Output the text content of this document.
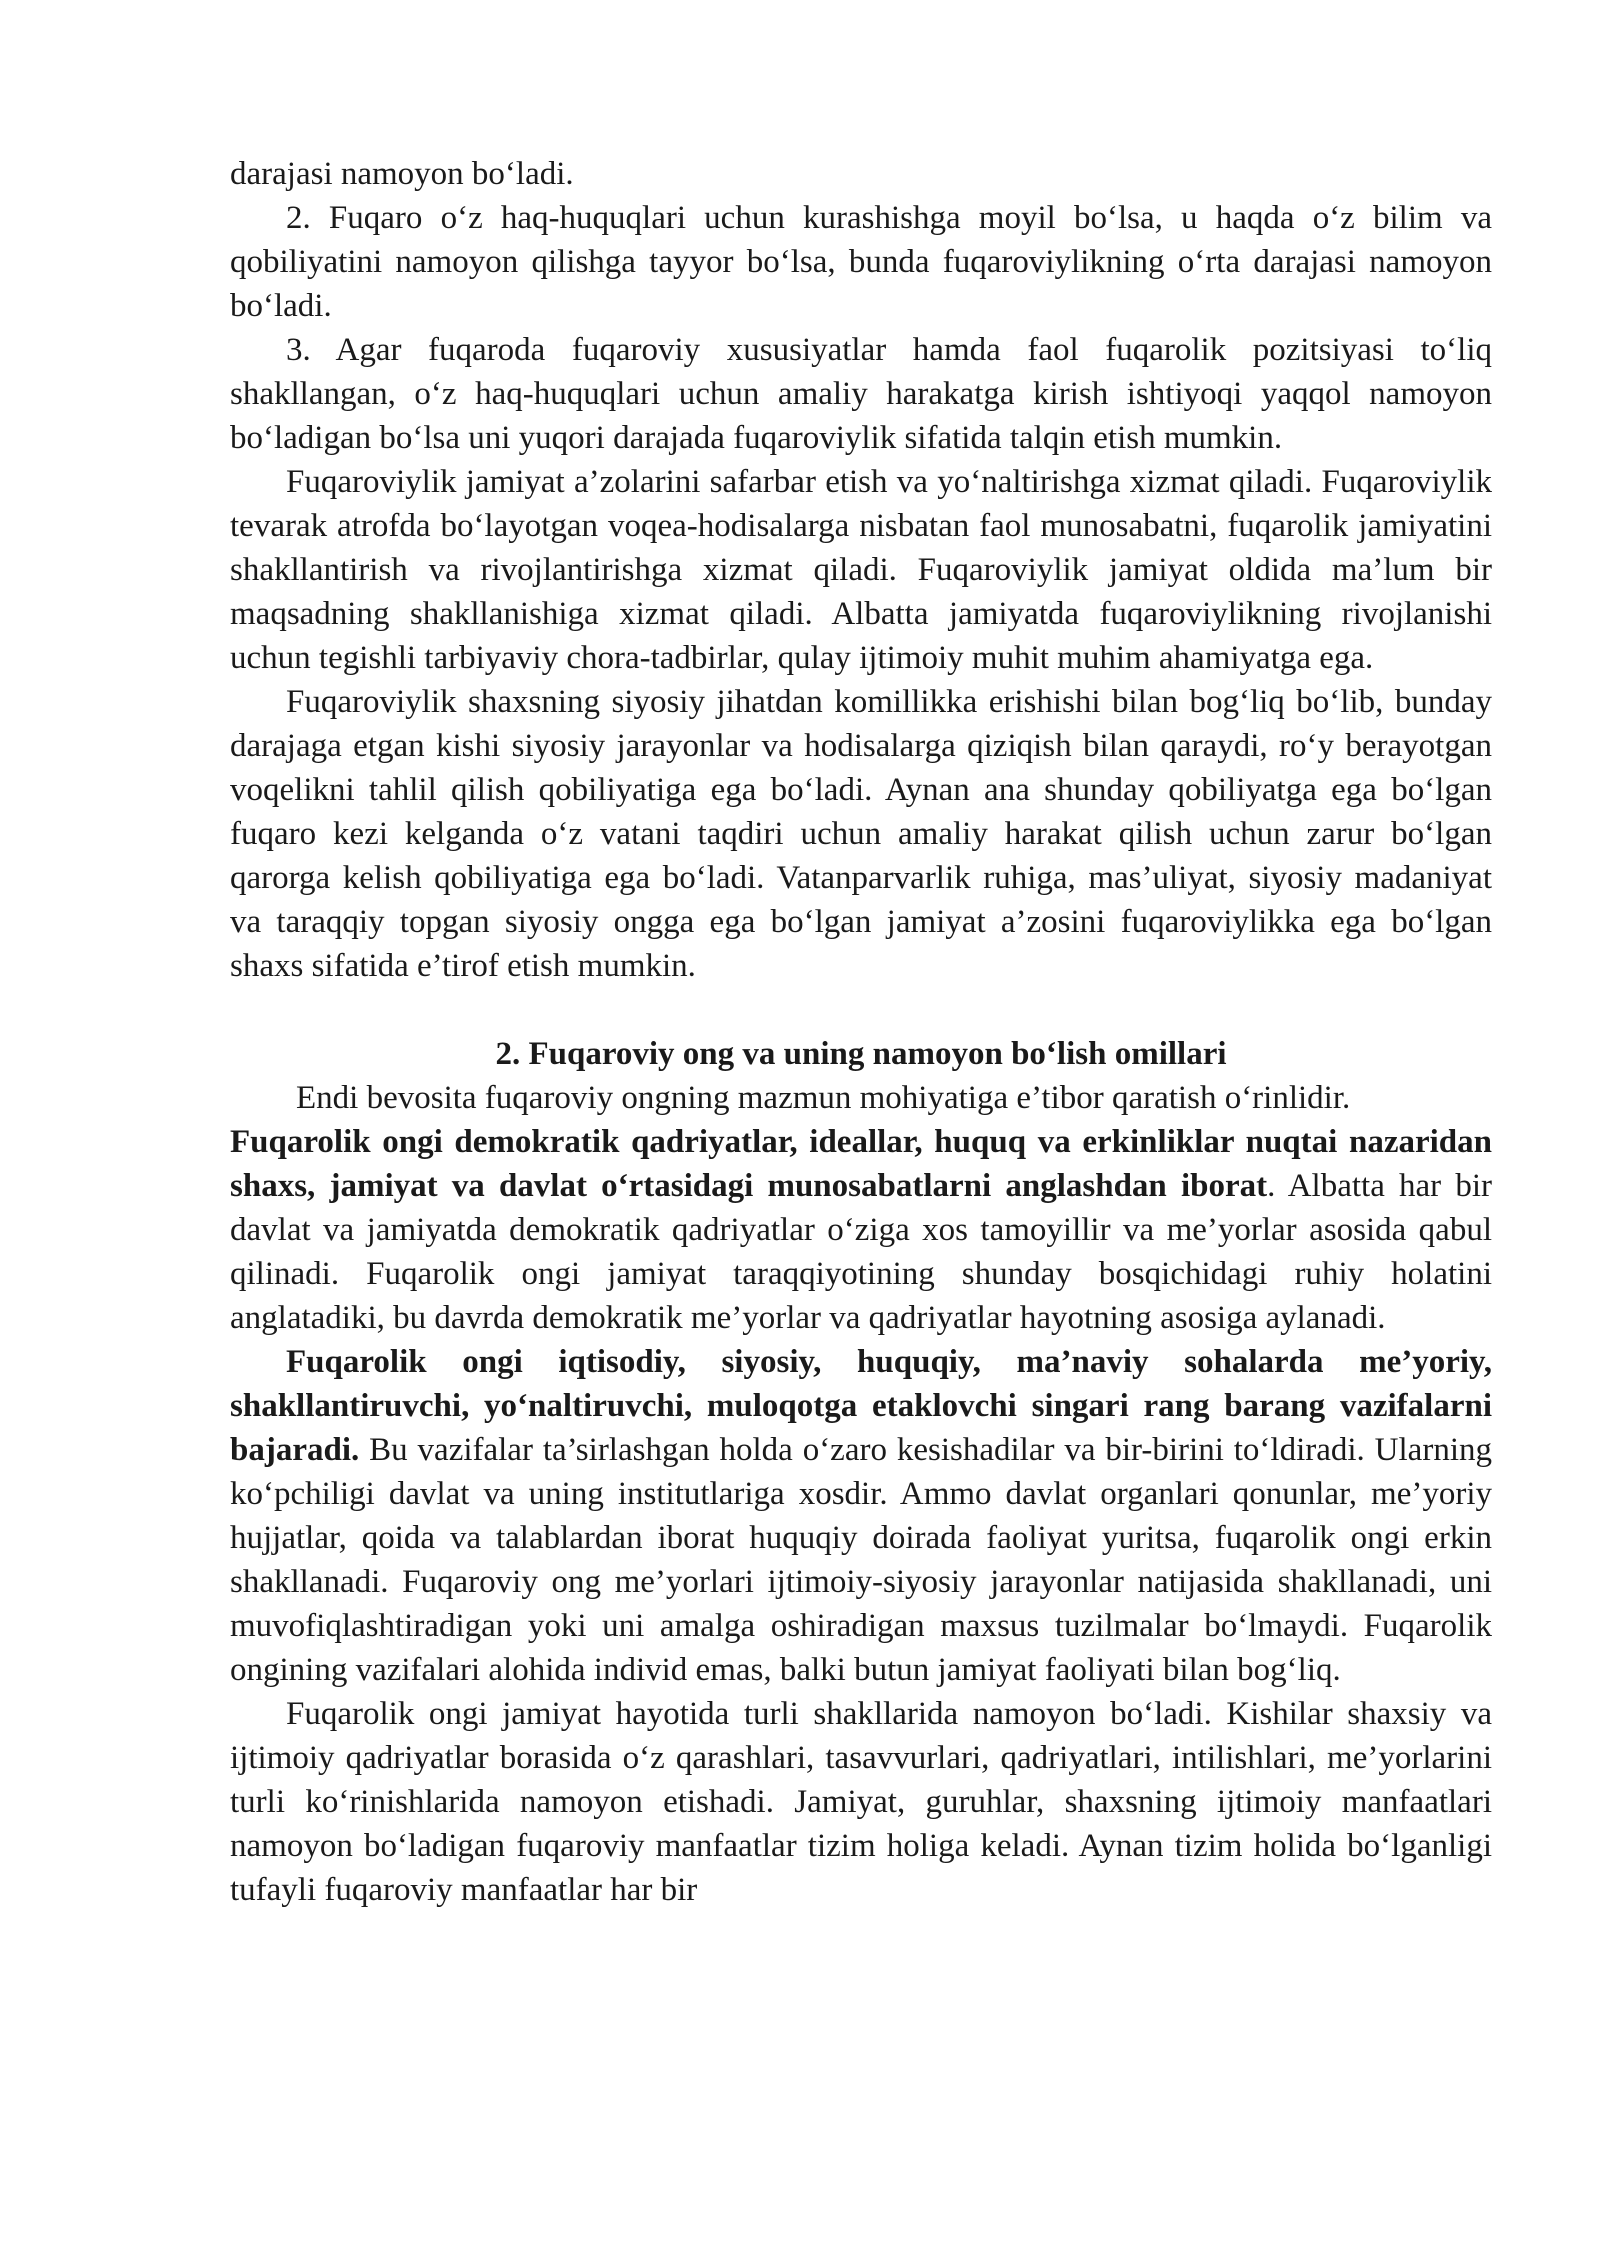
darajasi namoyon bo‘ladi.

2. Fuqaro o‘z haq-huquqlari uchun kurashishga moyil bo‘lsa, u haqda o‘z bilim va qobiliyatini namoyon qilishga tayyor bo‘lsa, bunda fuqaroviylikning o‘rta darajasi namoyon bo‘ladi.

3. Agar fuqaroda fuqaroviy xususiyatlar hamda faol fuqarolik pozitsiyasi to‘liq shakllangan, o‘z haq-huquqlari uchun amaliy harakatga kirish ishtiyoqi yaqqol namoyon bo‘ladigan bo‘lsa uni yuqori darajada fuqaroviylik sifatida talqin etish mumkin.

Fuqaroviylik jamiyat a’zolarini safarbar etish va yo‘naltirishga xizmat qiladi. Fuqaroviylik tevarak atrofda bo‘layotgan voqea-hodisalarga nisbatan faol munosabatni, fuqarolik jamiyatini shakllantirish va rivojlantirishga xizmat qiladi. Fuqaroviylik jamiyat oldida ma’lum bir maqsadning shakllanishiga xizmat qiladi. Albatta jamiyatda fuqaroviylikning rivojlanishi uchun tegishli tarbiyaviy chora-tadbirlar, qulay ijtimoiy muhit muhim ahamiyatga ega.

Fuqaroviylik shaxsning siyosiy jihatdan komillikka erishishi bilan bog‘liq bo‘lib, bunday darajaga etgan kishi siyosiy jarayonlar va hodisalarga qiziqish bilan qaraydi, ro‘y berayotgan voqelikni tahlil qilish qobiliyatiga ega bo‘ladi. Aynan ana shunday qobiliyatga ega bo‘lgan fuqaro kezi kelganda o‘z vatani taqdiri uchun amaliy harakat qilish uchun zarur bo‘lgan qarorga kelish qobiliyatiga ega bo‘ladi. Vatanparvarlik ruhiga, mas’uliyat, siyosiy madaniyat va taraqqiy topgan siyosiy ongga ega bo‘lgan jamiyat a’zosini fuqaroviylikka ega bo‘lgan shaxs sifatida e’tirof etish mumkin.

2. Fuqaroviy ong va uning namoyon bo‘lish omillari

Endi bevosita fuqaroviy ongning mazmun mohiyatiga e’tibor qaratish o‘rinlidir.

Fuqarolik ongi demokratik qadriyatlar, ideallar, huquq va erkinliklar nuqtai nazaridan shaxs, jamiyat va davlat o‘rtasidagi munosabatlarni anglashdan iborat. Albatta har bir davlat va jamiyatda demokratik qadriyatlar o‘ziga xos tamoyillir va me’yorlar asosida qabul qilinadi. Fuqarolik ongi jamiyat taraqqiyotining shunday bosqichidagi ruhiy holatini anglatadiki, bu davrda demokratik me’yorlar va qadriyatlar hayotning asosiga aylanadi.

Fuqarolik ongi iqtisodiy, siyosiy, huquqiy, ma’naviy sohalarda me’yoriy, shakllantiruvchi, yo‘naltiruvchi, muloqotga etaklovchi singari rang barang vazifalarni bajaradi. Bu vazifalar ta’sirlashgan holda o‘zaro kesishadilar va bir-birini to‘ldiradi. Ularning ko‘pchiligi davlat va uning institutlariga xosdir. Ammo davlat organlari qonunlar, me’yoriy hujjatlar, qoida va talablardan iborat huquqiy doirada faoliyat yuritsa, fuqarolik ongi erkin shakllanadi. Fuqaroviy ong me’yorlari ijtimoiy-siyosiy jarayonlar natijasida shakllanadi, uni muvofiqlashtiradigan yoki uni amalga oshiradigan maxsus tuzilmalar bo‘lmaydi. Fuqarolik ongining vazifalari alohida individ emas, balki butun jamiyat faoliyati bilan bog‘liq.

Fuqarolik ongi jamiyat hayotida turli shakllarida namoyon bo‘ladi. Kishilar shaxsiy va ijtimoiy qadriyatlar borasida o‘z qarashlari, tasavvurlari, qadriyatlari, intilishlari, me’yorlarini turli ko‘rinishlarida namoyon etishadi. Jamiyat, guruhlar, shaxsning ijtimoiy manfaatlari namoyon bo‘ladigan fuqaroviy manfaatlar tizim holiga keladi. Aynan tizim holida bo‘lganligi tufayli fuqaroviy manfaatlar har bir
